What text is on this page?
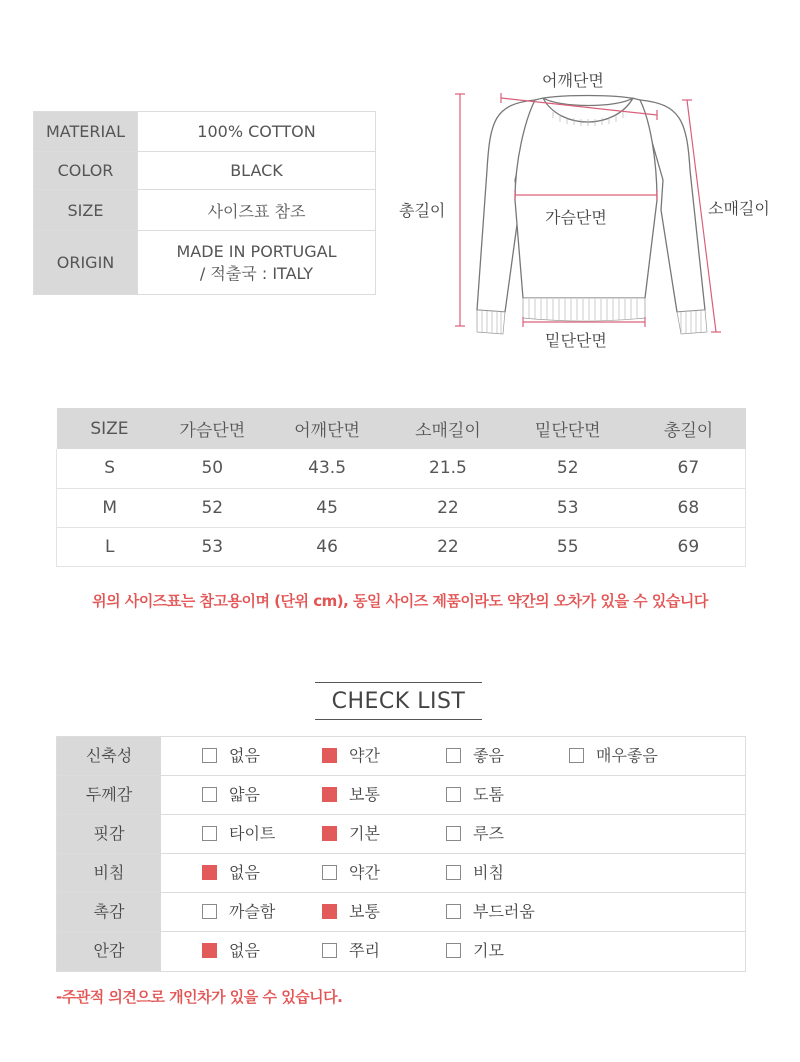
MATERIAL	100% COTTON
COLOR	BLACK
SIZE	사이즈표 참조
ORIGIN	MADE IN PORTUGAL
/ 적출국 : ITALY
어깨단면
총길이	가슴단면	소매길이
밑단단면
SIZE	가슴단면	어깨단면	소매길이	밑단단면	총길이
S	50	43.5	21.5	52	67
M	52	45	22	53	68
L	53	46	22	55	69
위의 사이즈표는 참고용이며 (단위 cm), 동일 사이즈 제품이라도 약간의 오차가 있을 수 있습니다
CHECK LIST
신축성	없음	약간	좋음	매우좋음
두께감	얇음	보통	도톰
핏감	타이트	기본	루즈
비침	없음	약간	비침
촉감	까슬함	보통	부드러움
안감	없음	쭈리	기모
-주관적 의견으로 개인차가 있을 수 있습니다.
